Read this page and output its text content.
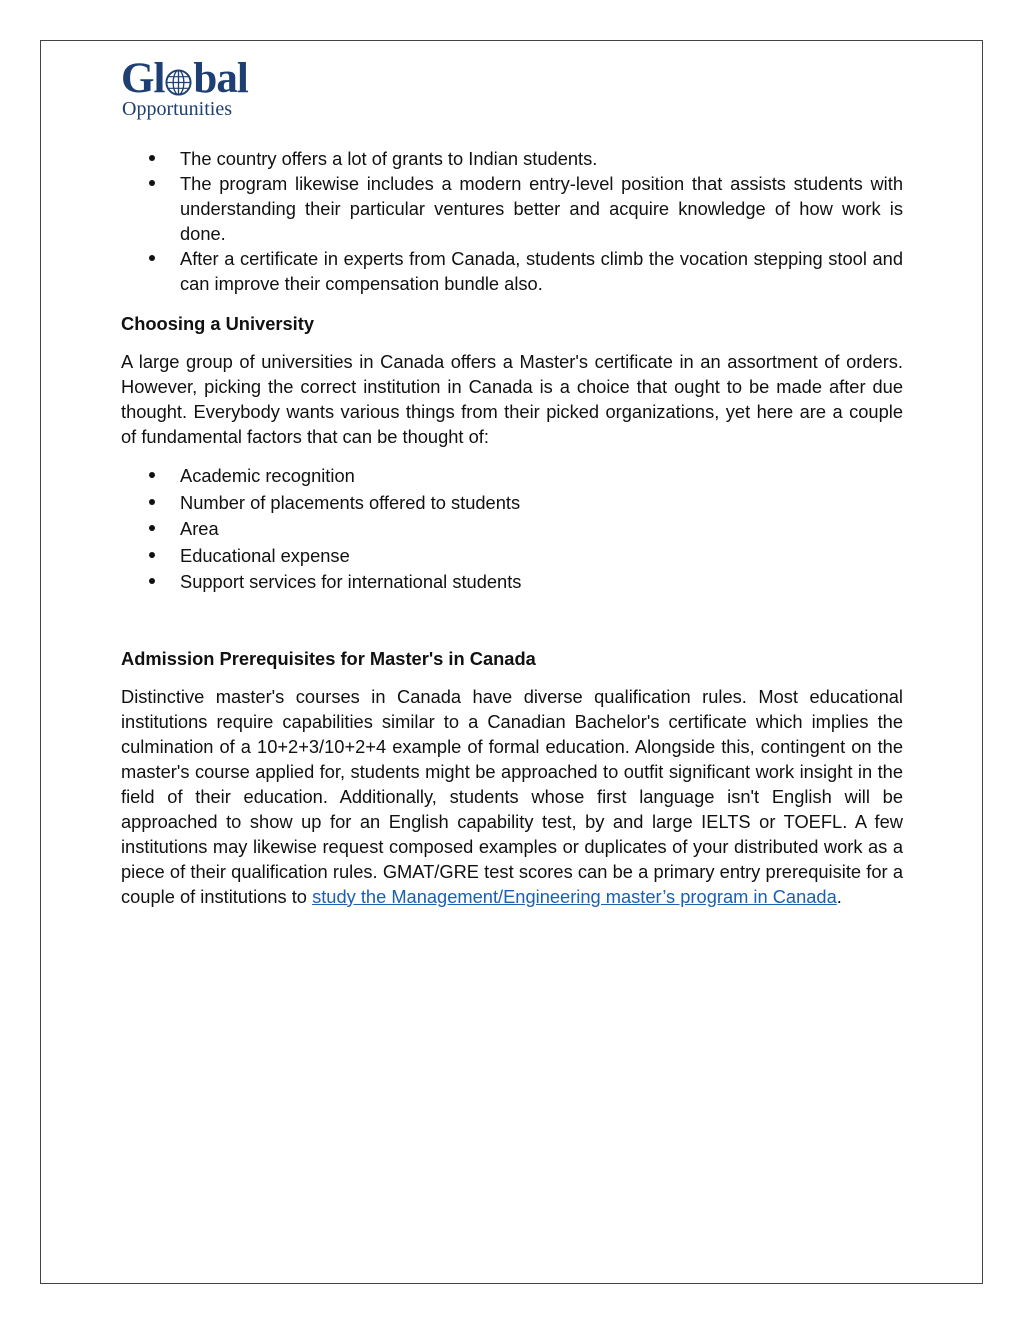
Gl bal
Opportunities
The country offers a lot of grants to Indian students.
The program likewise includes a modern entry-level position that assists students with understanding their particular ventures better and acquire knowledge of how work is done.
After a certificate in experts from Canada, students climb the vocation stepping stool and can improve their compensation bundle also.

Choosing a University

A large group of universities in Canada offers a Master's certificate in an assortment of orders. However, picking the correct institution in Canada is a choice that ought to be made after due thought. Everybody wants various things from their picked organizations, yet here are a couple of fundamental factors that can be thought of:

Academic recognition
Number of placements offered to students
Area
Educational expense
Support services for international students

Admission Prerequisites for Master's in Canada

Distinctive master's courses in Canada have diverse qualification rules. Most educational institutions require capabilities similar to a Canadian Bachelor's certificate which implies the culmination of a 10+2+3/10+2+4 example of formal education. Alongside this, contingent on the master's course applied for, students might be approached to outfit significant work insight in the field of their education. Additionally, students whose first language isn't English will be approached to show up for an English capability test, by and large IELTS or TOEFL. A few institutions may likewise request composed examples or duplicates of your distributed work as a piece of their qualification rules. GMAT/GRE test scores can be a primary entry prerequisite for a couple of institutions to study the Management/Engineering master’s program in Canada.
